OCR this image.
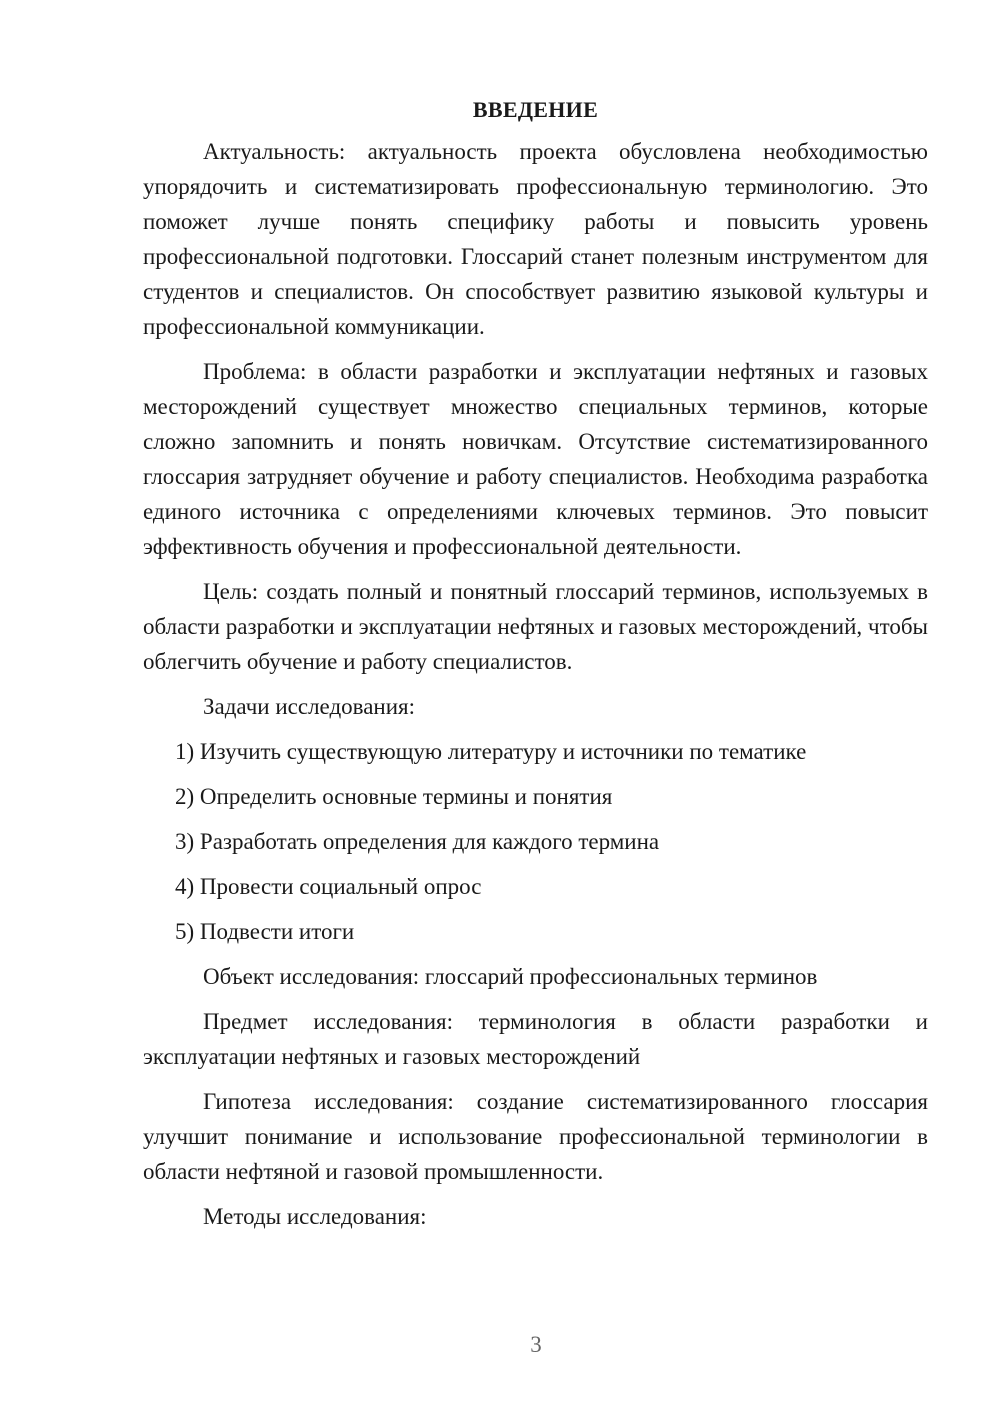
ВВЕДЕНИЕ

Актуальность: актуальность проекта обусловлена необходимостью упорядочить и систематизировать профессиональную терминологию. Это поможет лучше понять специфику работы и повысить уровень профессиональной подготовки. Глоссарий станет полезным инструментом для студентов и специалистов. Он способствует развитию языковой культуры и профессиональной коммуникации.

Проблема: в области разработки и эксплуатации нефтяных и газовых месторождений существует множество специальных терминов, которые сложно запомнить и понять новичкам. Отсутствие систематизированного глоссария затрудняет обучение и работу специалистов. Необходима разработка единого источника с определениями ключевых терминов. Это повысит эффективность обучения и профессиональной деятельности.

Цель: создать полный и понятный глоссарий терминов, используемых в области разработки и эксплуатации нефтяных и газовых месторождений, чтобы облегчить обучение и работу специалистов.

Задачи исследования:

1) Изучить существующую литературу и источники по тематике
2) Определить основные термины и понятия
3) Разработать определения для каждого термина
4) Провести социальный опрос
5) Подвести итоги

Объект исследования: глоссарий профессиональных терминов

Предмет исследования: терминология в области разработки и эксплуатации нефтяных и газовых месторождений

Гипотеза исследования: создание систематизированного глоссария улучшит понимание и использование профессиональной терминологии в области нефтяной и газовой промышленности.

Методы исследования:

3
